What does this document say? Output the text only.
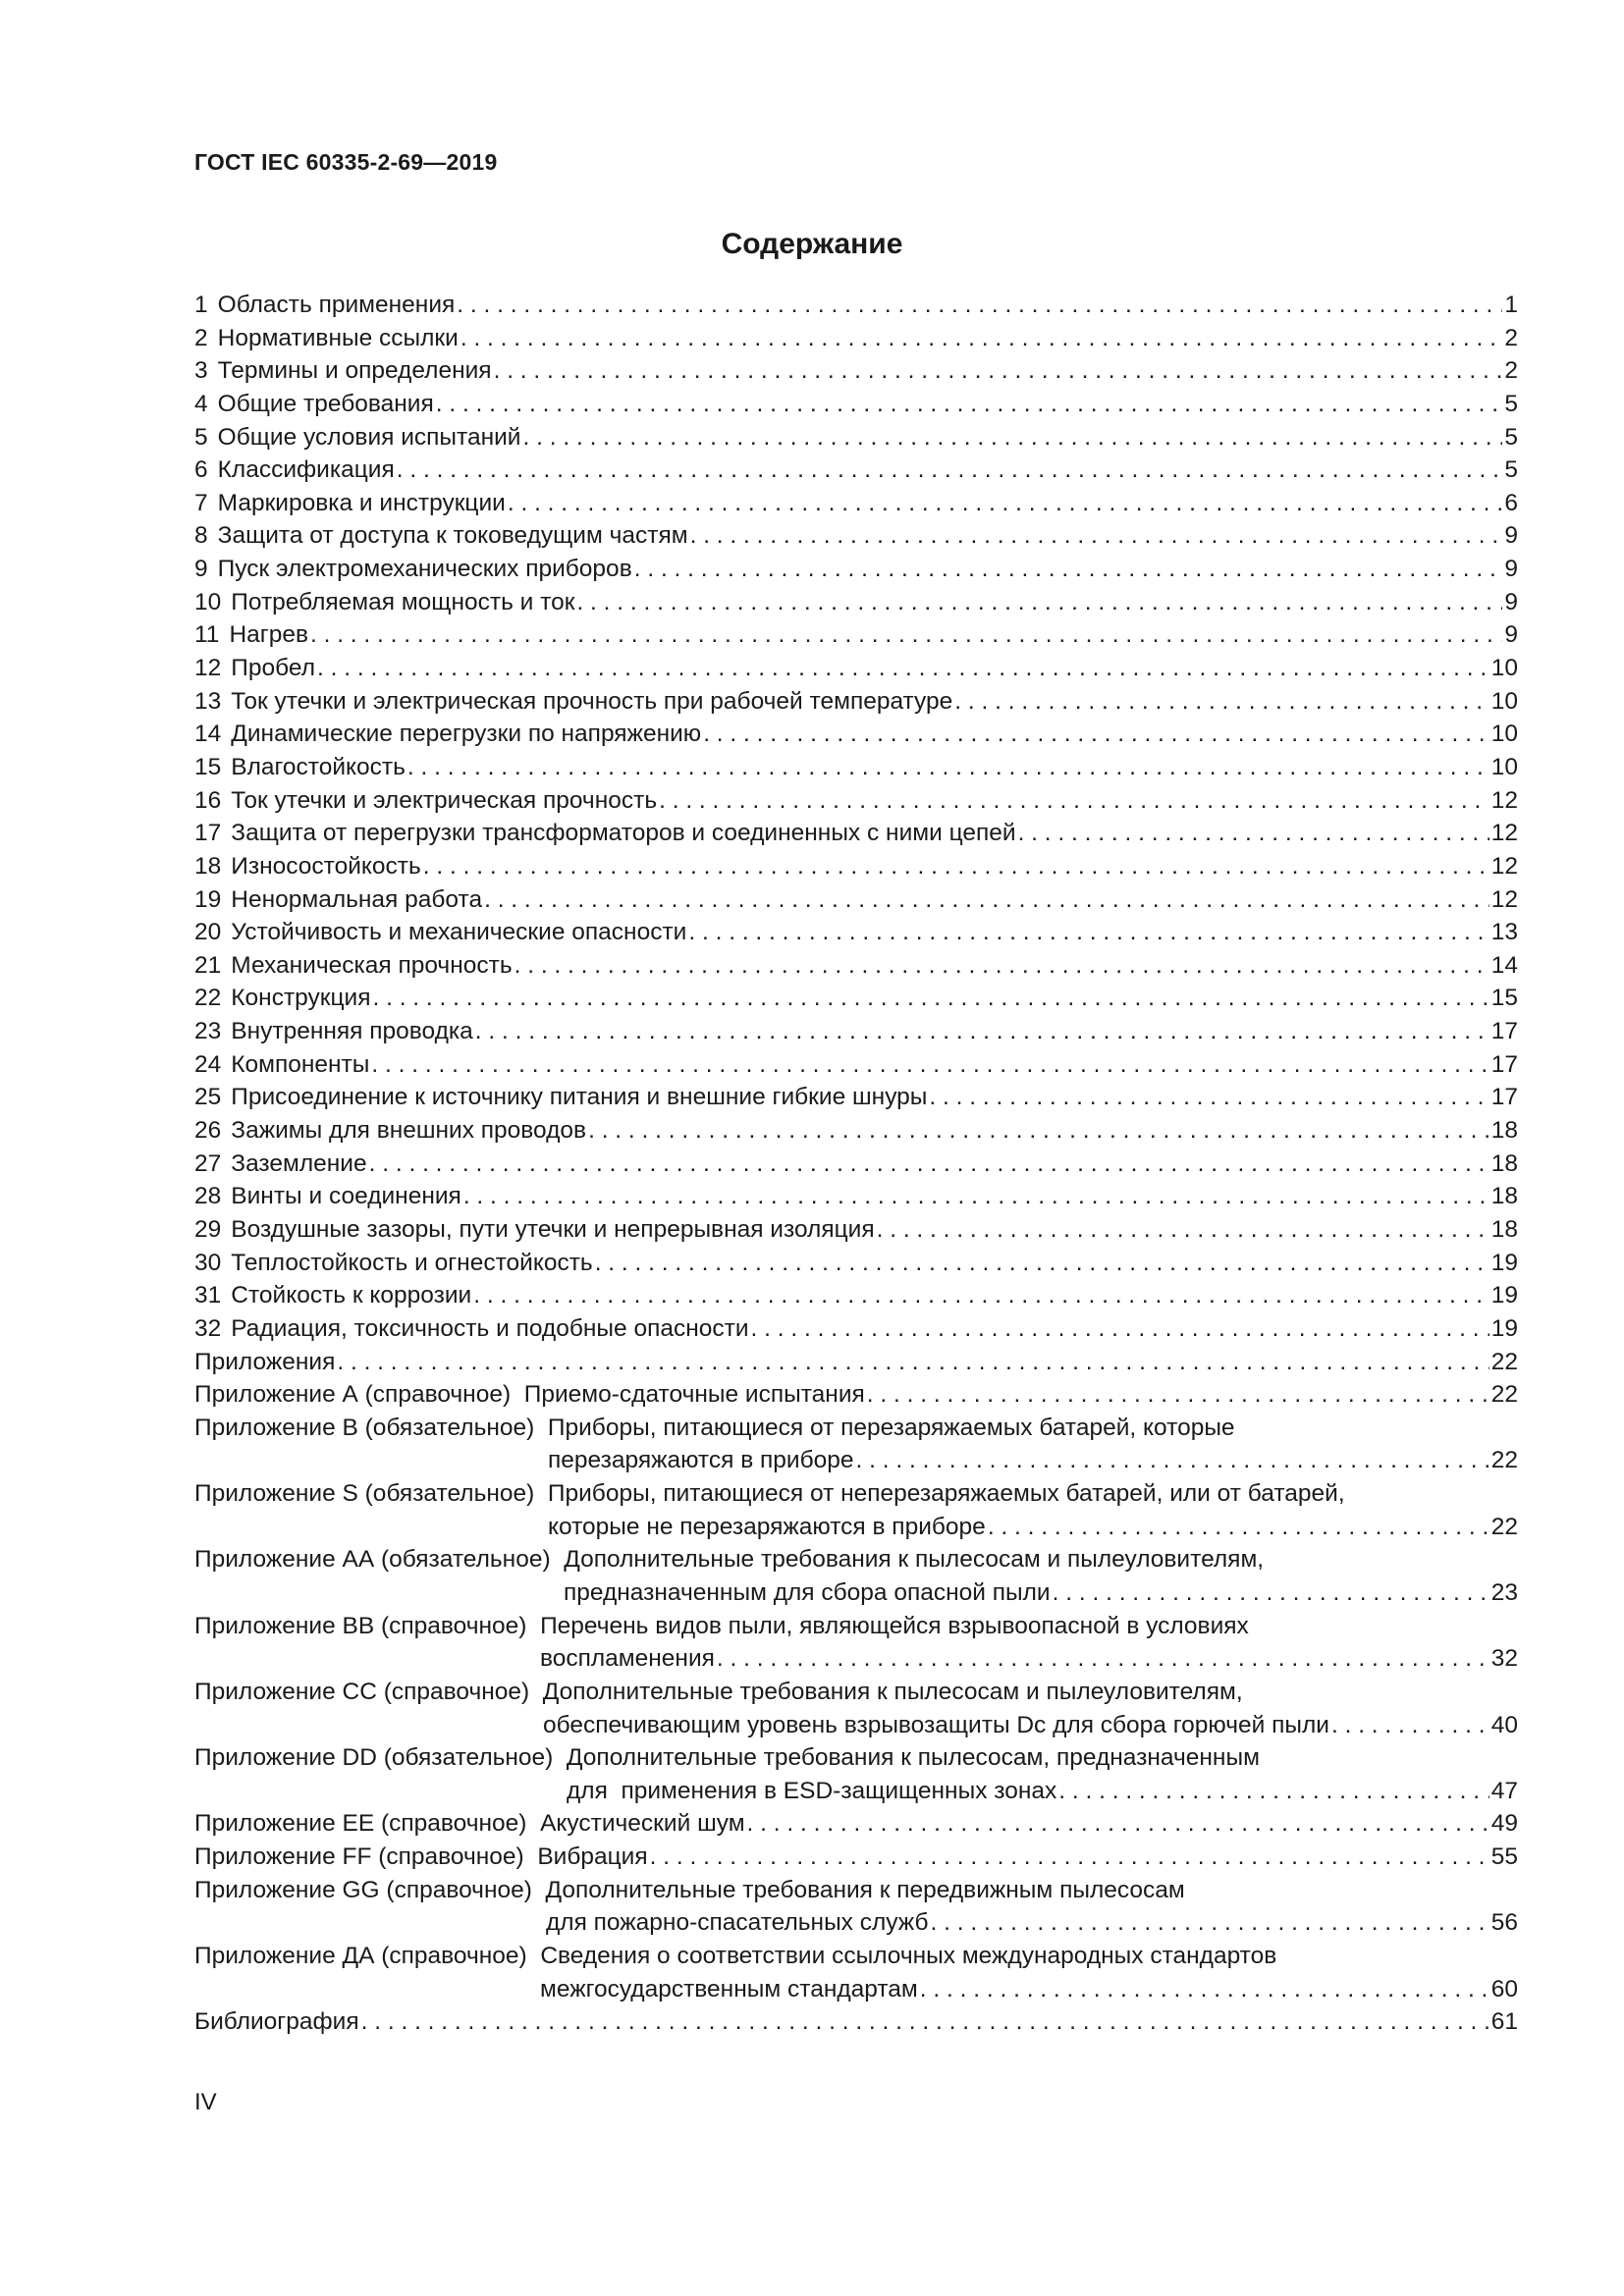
ГОСТ IEC 60335-2-69—2019
Содержание
1 Область применения . . .	1
2 Нормативные ссылки . . .	2
3 Термины и определения . . .	2
4 Общие требования . . .	5
5 Общие условия испытаний . . .	5
6 Классификация . . .	5
7 Маркировка и инструкции . . .	6
8 Защита от доступа к токоведущим частям . . .	9
9 Пуск электромеханических приборов . . .	9
10 Потребляемая мощность и ток . . .	9
11 Нагрев . . .	9
12 Пробел . . .	10
13 Ток утечки и электрическая прочность при рабочей температуре . . .	10
14 Динамические перегрузки по напряжению . . .	10
15 Влагостойкость . . .	10
16 Ток утечки и электрическая прочность . . .	12
17 Защита от перегрузки трансформаторов и соединенных с ними цепей . . .	12
18 Износостойкость . . .	12
19 Ненормальная работа . . .	12
20 Устойчивость и механические опасности . . .	13
21 Механическая прочность . . .	14
22 Конструкция . . .	15
23 Внутренняя проводка . . .	17
24 Компоненты . . .	17
25 Присоединение к источнику питания и внешние гибкие шнуры . . .	17
26 Зажимы для внешних проводов . . .	18
27 Заземление . . .	18
28 Винты и соединения . . .	18
29 Воздушные зазоры, пути утечки и непрерывная изоляция . . .	18
30 Теплостойкость и огнестойкость . . .	19
31 Стойкость к коррозии . . .	19
32 Радиация, токсичность и подобные опасности . . .	19
Приложения . . .	22
Приложение А (справочное)  Приемо-сдаточные испытания . . .	22
Приложение В (обязательное)  Приборы, питающиеся от перезаряжаемых батарей, которые
перезаряжаются в приборе . . .	22
Приложение S (обязательное)  Приборы, питающиеся от неперезаряжаемых батарей, или от батарей,
которые не перезаряжаются в приборе . . .	22
Приложение АА (обязательное)  Дополнительные требования к пылесосам и пылеуловителям,
предназначенным для сбора опасной пыли . . .	23
Приложение ВВ (справочное)  Перечень видов пыли, являющейся взрывоопасной в условиях
воспламенения . . .	32
Приложение СС (справочное)  Дополнительные требования к пылесосам и пылеуловителям,
обеспечивающим уровень взрывозащиты Dc для сбора горючей пыли . . .	40
Приложение DD (обязательное)  Дополнительные требования к пылесосам, предназначенным
для  применения в ESD-защищенных зонах . . .	47
Приложение ЕЕ (справочное)  Акустический шум . . .	49
Приложение FF (справочное)  Вибрация . . .	55
Приложение GG (справочное)  Дополнительные требования к передвижным пылесосам
для пожарно-спасательных служб . . .	56
Приложение ДА (справочное)  Сведения о соответствии ссылочных международных стандартов
межгосударственным стандартам . . .	60
Библиография . . .	61
IV
